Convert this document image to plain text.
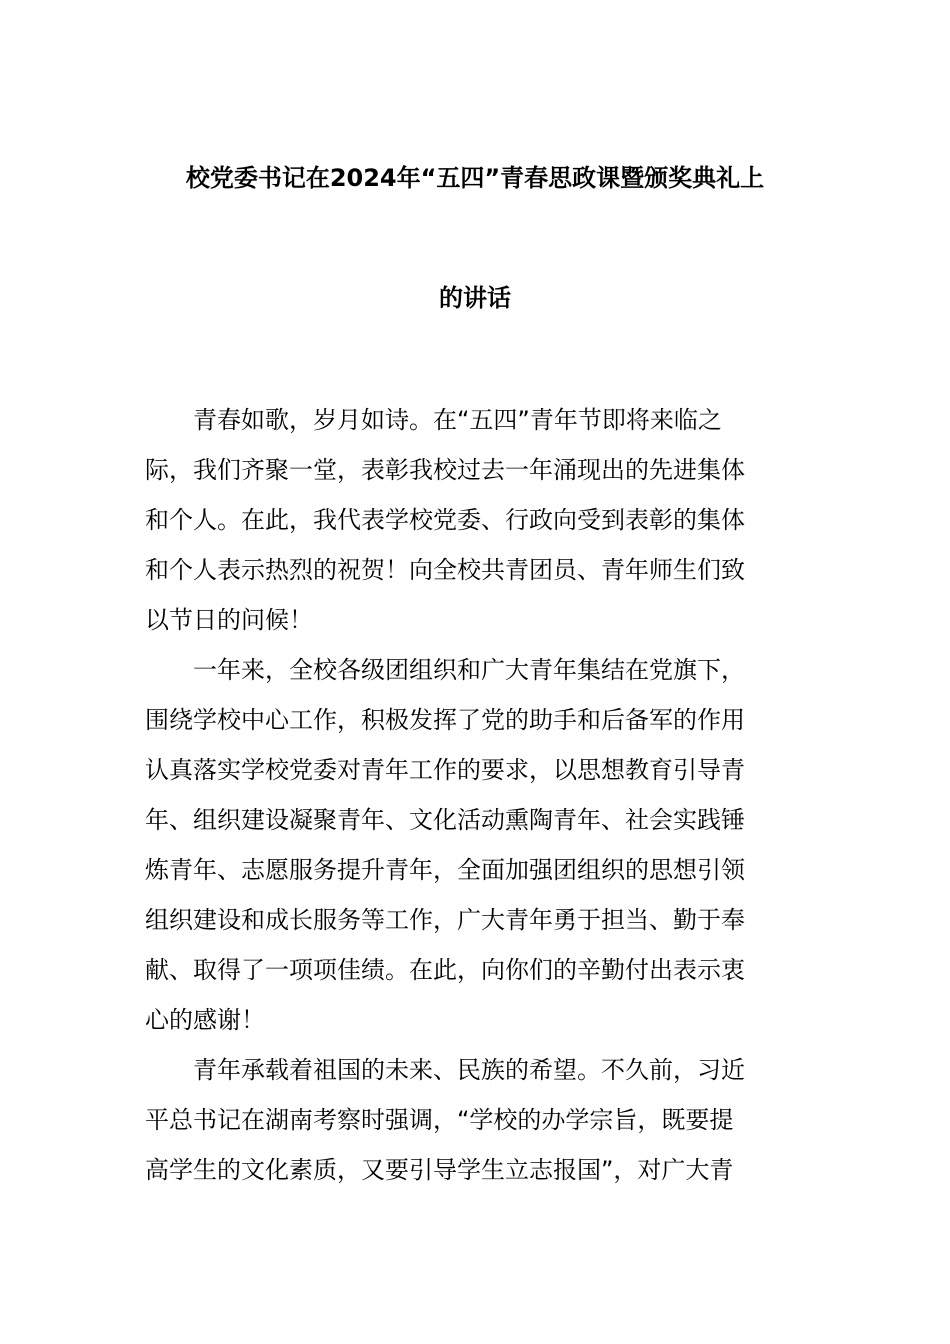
校党委书记在2024年“五四”青春思政课暨颁奖典礼上
的讲话
青春如歌，岁月如诗。在“五四”青年节即将来临之
际，我们齐聚一堂，表彰我校过去一年涌现出的先进集体
和个人。在此，我代表学校党委、行政向受到表彰的集体
和个人表示热烈的祝贺！向全校共青团员、青年师生们致
以节日的问候！
一年来，全校各级团组织和广大青年集结在党旗下，
围绕学校中心工作，积极发挥了党的助手和后备军的作用
认真落实学校党委对青年工作的要求，以思想教育引导青
年、组织建设凝聚青年、文化活动熏陶青年、社会实践锤
炼青年、志愿服务提升青年，全面加强团组织的思想引领
组织建设和成长服务等工作，广大青年勇于担当、勤于奉
献、取得了一项项佳绩。在此，向你们的辛勤付出表示衷
心的感谢！
青年承载着祖国的未来、民族的希望。不久前，习近
平总书记在湖南考察时强调，“学校的办学宗旨，既要提
高学生的文化素质，又要引导学生立志报国”，对广大青
